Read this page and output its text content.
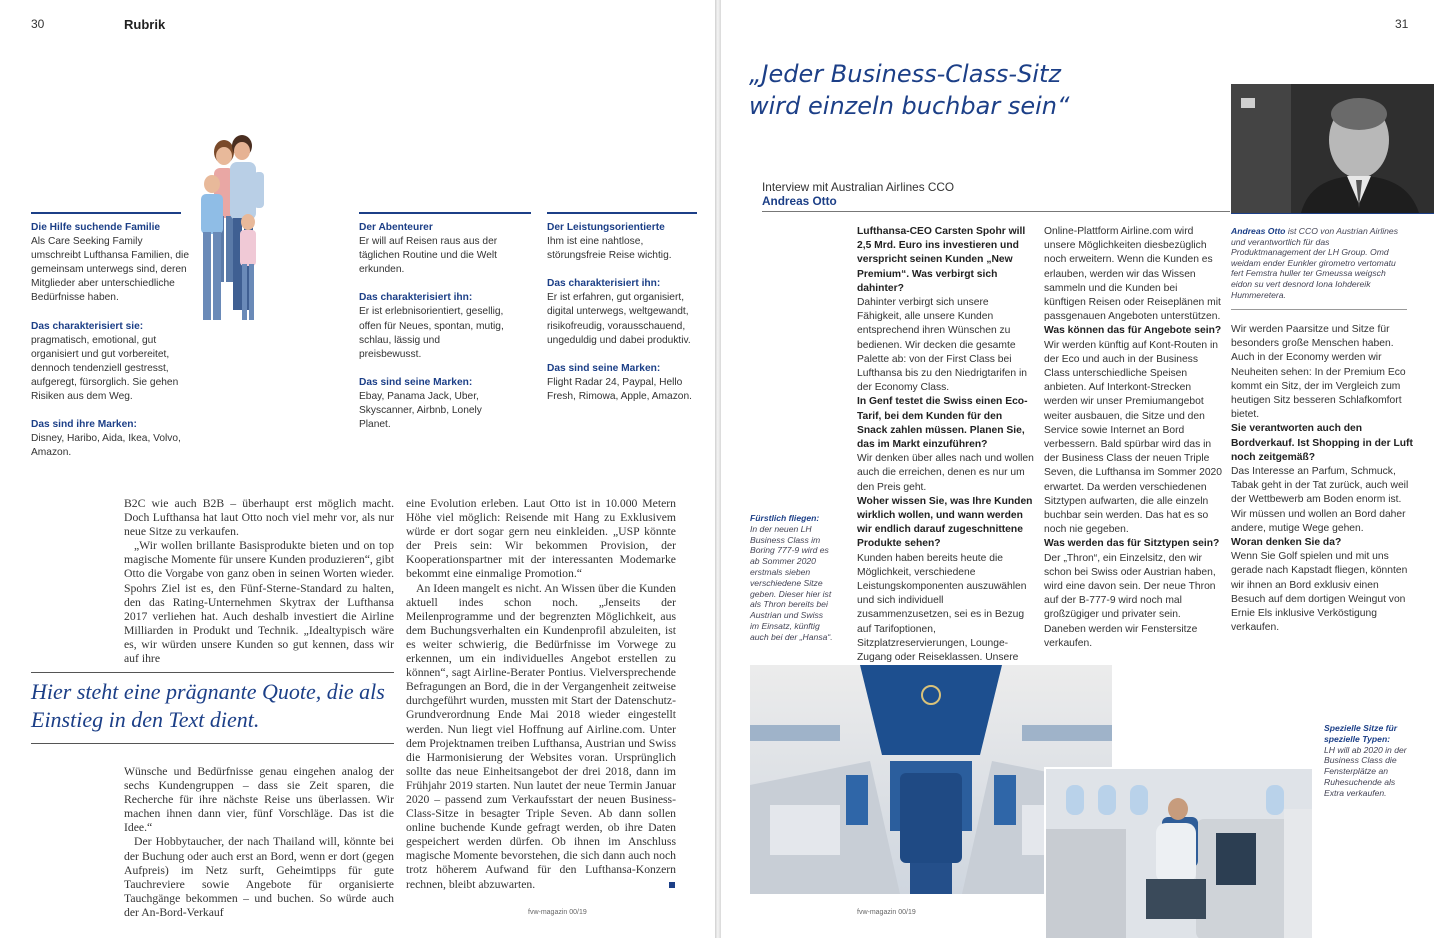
30	Rubrik
Die Hilfe suchende Familie

Als Care Seeking Family umschreibt Lufthansa Familien, die gemeinsam unterwegs sind, deren Mitglieder aber unterschiedliche Bedürfnisse haben.

Das charakterisiert sie:

pragmatisch, emotional, gut organisiert und gut vorbereitet, dennoch tendenziell gestresst, aufgeregt, fürsorglich. Sie gehen Risiken aus dem Weg.

Das sind ihre Marken:

Disney, Haribo, Aida, Ikea, Volvo, Amazon.

Der Abenteurer

Er will auf Reisen raus aus der täglichen Routine und die Welt erkunden.

Das charakterisiert ihn:

Er ist erlebnisorientiert, gesellig, offen für Neues, spontan, mutig, schlau, lässig und preisbewusst.

Das sind seine Marken:

Ebay, Panama Jack, Uber, Skyscanner, Airbnb, Lonely Planet.

Der Leistungsorientierte

Ihm ist eine nahtlose, störungsfreie Reise wichtig.

Das charakterisiert ihn:

Er ist erfahren, gut organisiert, digital unterwegs, weltgewandt, risikofreudig, vorausschauend, ungeduldig und dabei produktiv.

Das sind seine Marken:

Flight Radar 24, Paypal, Hello Fresh, Rimowa, Apple, Amazon.

B2C wie auch B2B – überhaupt erst möglich macht. Doch Lufthansa hat laut Otto noch viel mehr vor, als nur neue Sitze zu verkaufen.

„Wir wollen brillante Basisprodukte bieten und on top magische Momente für unsere Kunden produzieren“, gibt Otto die Vorgabe von ganz oben in seinen Worten wieder. Spohrs Ziel ist es, den Fünf-Sterne-Standard zu halten, den das Rating-Unternehmen Skytrax der Lufthansa 2017 verliehen hat. Auch deshalb investiert die Airline Milliarden in Produkt und Technik. „Idealtypisch wäre es, wir würden unsere Kunden so gut kennen, dass wir auf ihre

Hier steht eine prägnante Quote, die als Einstieg in den Text dient.

Wünsche und Bedürfnisse genau eingehen analog der sechs Kundengruppen – dass sie Zeit sparen, die Recherche für ihre nächste Reise uns überlassen. Wir machen ihnen dann vier, fünf Vorschläge. Das ist die Idee.“

Der Hobbytaucher, der nach Thailand will, könnte bei der Buchung oder auch erst an Bord, wenn er dort (gegen Aufpreis) im Netz surft, Geheimtipps für gute Tauchreviere sowie Angebote für organisierte Tauchgänge bekommen – und buchen. So würde auch der An-Bord-Verkauf

eine Evolution erleben. Laut Otto ist in 10.000 Metern Höhe viel möglich: Reisende mit Hang zu Exklusivem würde er dort sogar gern neu einkleiden. „USP könnte der Preis sein: Wir bekommen Provision, der Kooperationspartner mit der interessanten Modemarke bekommt eine einmalige Promotion.“

An Ideen mangelt es nicht. An Wissen über die Kunden aktuell indes schon noch. „Jenseits der Meilenprogramme und der begrenzten Möglichkeit, aus dem Buchungsverhalten ein Kundenprofil abzuleiten, ist es weiter schwierig, die Bedürfnisse im Vorwege zu erkennen, um ein individuelles Angebot erstellen zu können“, sagt Airline-Berater Pontius. Vielversprechende Befragungen an Bord, die in der Vergangenheit zeitweise durchgeführt wurden, mussten mit Start der Datenschutz-Grundverordnung Ende Mai 2018 wieder eingestellt werden. Nun liegt viel Hoffnung auf Airline.com. Unter dem Projektnamen treiben Lufthansa, Austrian und Swiss die Harmonisierung der Websites voran. Ursprünglich sollte das neue Einheitsangebot der drei 2018, dann im Frühjahr 2019 starten. Nun lautet der neue Termin Januar 2020 – passend zum Verkaufsstart der neuen Business-Class-Sitze in besagter Triple Seven. Ab dann sollen online buchende Kunde gefragt werden, ob ihre Daten gespeichert werden dürfen. Ob ihnen im Anschluss magische Momente bevorstehen, die sich dann auch noch trotz höherem Aufwand für den Lufthansa-Konzern rechnen, bleibt abzuwarten.

fvw-magazin 00/19
31
„Jeder Business-Class-Sitz wird einzeln buchbar sein“
Interview mit Australian Airlines CCO
Andreas Otto
Andreas Otto ist CCO von Austrian Airlines und verantwortlich für das Produktmanagement der LH Group. Omd weidam ender Eunkler girometro vertomatu fert Femstra huller ter Gmeussa weigsch eidon su vert desnord Iona Iohdereik Hummeretera.

Lufthansa-CEO Carsten Spohr will 2,5 Mrd. Euro ins investieren und verspricht seinen Kunden „New Premium“. Was verbirgt sich dahinter?

Dahinter verbirgt sich unsere Fähigkeit, alle unsere Kunden entsprechend ihren Wünschen zu bedienen. Wir decken die gesamte Palette ab: von der First Class bei Lufthansa bis zu den Niedrigtarifen in der Economy Class.

In Genf testet die Swiss einen Eco-Tarif, bei dem Kunden für den Snack zahlen müssen. Planen Sie, das im Markt einzuführen?

Wir denken über alles nach und wollen auch die erreichen, denen es nur um den Preis geht.

Woher wissen Sie, was Ihre Kunden wirklich wollen, und wann werden wir endlich darauf zugeschnittene Produkte sehen?

Kunden haben bereits heute die Möglichkeit, verschiedene Leistungskomponenten auszuwählen und sich individuell zusammenzusetzen, sei es in Bezug auf Tarifoptionen, Sitzplatzreservierungen, Lounge-Zugang oder Reiseklassen. Unsere

Online-Plattform Airline.com wird unsere Möglichkeiten diesbezüglich noch erweitern. Wenn die Kunden es erlauben, werden wir das Wissen sammeln und die Kunden bei künftigen Reisen oder Reiseplänen mit passgenauen Angeboten unterstützen.

Was können das für Angebote sein?

Wir werden künftig auf Kont-Routen in der Eco und auch in der Business Class unterschiedliche Speisen anbieten. Auf Interkont-Strecken werden wir unser Premiumangebot weiter ausbauen, die Sitze und den Service sowie Internet an Bord verbessern. Bald spürbar wird das in der Business Class der neuen Triple Seven, die Lufthansa im Sommer 2020 erwartet. Da werden verschiedenen Sitztypen aufwarten, die alle einzeln buchbar sein werden. Das hat es so noch nie gegeben.

Was werden das für Sitztypen sein?

Der „Thron“, ein Einzelsitz, den wir schon bei Swiss oder Austrian haben, wird eine davon sein. Der neue Thron auf der B-777-9 wird noch mal großzügiger und privater sein. Daneben werden wir Fenstersitze verkaufen.

Wir werden Paarsitze und Sitze für besonders große Menschen haben. Auch in der Economy werden wir Neuheiten sehen: In der Premium Eco kommt ein Sitz, der im Vergleich zum heutigen Sitz besseren Schlafkomfort bietet.

Sie verantworten auch den Bordverkauf. Ist Shopping in der Luft noch zeitgemäß?

Das Interesse an Parfum, Schmuck, Tabak geht in der Tat zurück, auch weil der Wettbewerb am Boden enorm ist. Wir müssen und wollen an Bord daher andere, mutige Wege gehen.

Woran denken Sie da?

Wenn Sie Golf spielen und mit uns gerade nach Kapstadt fliegen, könnten wir ihnen an Bord exklusiv einen Besuch auf dem dortigen Weingut von Ernie Els inklusive Verköstigung verkaufen.

Fürstlich fliegen:
In der neuen LH Business Class im Boring 777-9 wird es ab Sommer 2020 erstmals sieben verschiedene Sitze geben. Dieser hier ist als Thron bereits bei Austrian und Swiss im Einsatz, künftig auch bei der „Hansa“.
Spezielle Sitze für spezielle Typen:
LH will ab 2020 in der Business Class die Fensterplätze an Ruhesuchende als Extra verkaufen.
fvw-magazin 00/19
